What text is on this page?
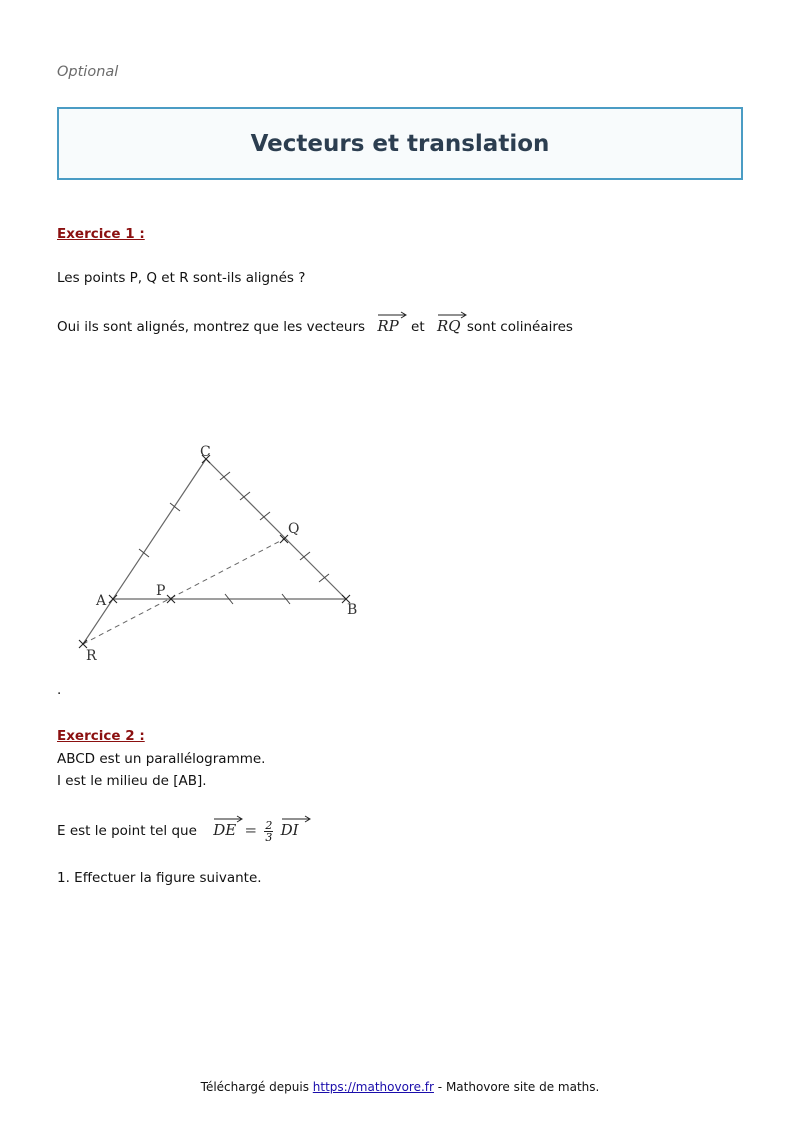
Optional
Vecteurs et translation
Exercice 1 :
Les points P, Q et R sont-ils alignés ?
Oui ils sont alignés, montrez que les vecteurs RP et RQ sont colinéaires
A
P
C
Q
B
R
.
Exercice 2 :
ABCD est un parallélogramme.
I est le milieu de [AB].
E est le point tel que DE = $\frac{2}{3}$
DI
1. Effectuer la figure suivante.
Téléchargé depuis https://mathovore.fr - Mathovore site de maths.
